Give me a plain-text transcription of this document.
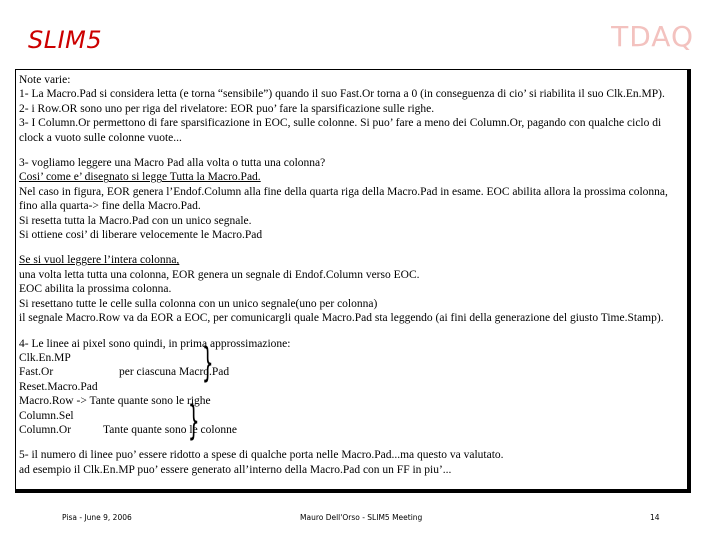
SLIM5	TDAQ
Note varie:
1- La Macro.Pad si considera letta (e torna “sensibile”) quando il suo Fast.Or torna a 0 (in conseguenza di cio’ si riabilita il suo Clk.En.MP).
2- i Row.OR sono uno per riga del rivelatore: EOR puo’ fare la sparsificazione sulle righe.
3- I Column.Or permettono di fare sparsificazione in EOC, sulle colonne. Si puo’ fare a meno dei Column.Or, pagando con qualche ciclo di
clock a vuoto sulle colonne vuote...
3- vogliamo leggere una Macro Pad alla volta o tutta una colonna?
Cosi’ come e’ disegnato si legge Tutta la Macro.Pad.
Nel caso in figura, EOR genera l’Endof.Column alla fine della quarta riga della Macro.Pad in esame. EOC abilita allora la prossima colonna,
fino alla quarta-> fine della Macro.Pad.
Si resetta tutta la Macro.Pad con un unico segnale.
Si ottiene cosi’ di liberare velocemente le Macro.Pad
Se si vuol leggere l’intera colonna,
una volta letta tutta una colonna, EOR genera un segnale di Endof.Column verso EOC.
EOC abilita la prossima colonna.
Si resettano tutte le celle sulla colonna con un unico segnale(uno per colonna)
il segnale Macro.Row va da EOR a EOC, per comunicargli quale Macro.Pad sta leggendo (ai fini della generazione del giusto Time.Stamp).
4- Le linee ai pixel sono quindi, in prima approssimazione:
Clk.En.MP
Fast.Or	per ciascuna Macro.Pad
Reset.Macro.Pad
Macro.Row -> Tante quante sono le righe
Column.Sel
Column.Or	Tante quante sono le colonne
}
}
5- il numero di linee puo’ essere ridotto a spese di qualche porta nelle Macro.Pad...ma questo va valutato.
ad esempio il Clk.En.MP puo’ essere generato all’interno della Macro.Pad con un FF in piu’...
Pisa - June 9, 2006	Mauro Dell'Orso - SLIM5 Meeting	14
